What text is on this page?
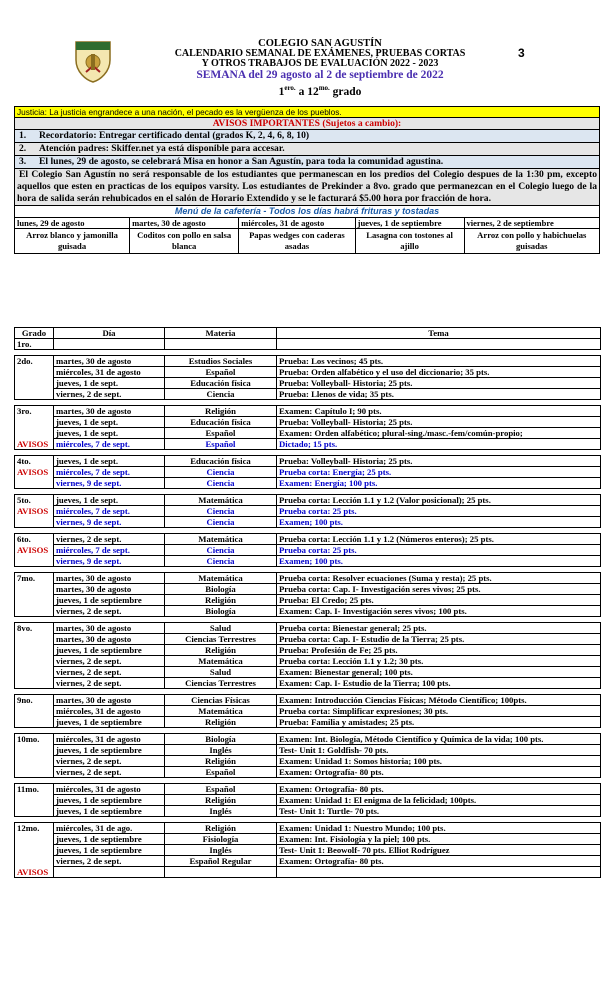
COLEGIO SAN AGUSTÍN
CALENDARIO SEMANAL DE EXÁMENES, PRUEBAS CORTAS
Y OTROS TRABAJOS DE EVALUACIÓN 2022 - 2023
SEMANA del 29 agosto al 2 de septiembre de 2022
$1^{ero.}$ a $12^{mo.}$ grado
3
Justicia: La justicia engrandece a una nación, el pecado es la vergüenza de los pueblos.				
AVISOS IMPORTANTES (Sujetos a cambio):				
1. Recordatorio: Entregar certificado dental (grados K, 2, 4, 6, 8, 10)				
2. Atención padres: Skiffer.net ya está disponible para accesar.				
3. El lunes, 29 de agosto, se celebrará Misa en honor a San Agustín, para toda la comunidad agustina.				
El Colegio San Agustín no será responsable de los estudiantes que permanescan en los predios del Colegio despues de la 1:30 pm, excepto aquellos que esten en practicas de los equipos varsity. Los estudiantes de Prekinder a 8vo. grado que permanezcan en el Colegio luego de la hora de salida serán rehubicados en el salón de Horario Extendido y se le facturará $5.00 hora por fracción de hora.				
Menú de la cafetería - Todos los días habrá frituras y tostadas				
lunes, 29 de agosto	martes, 30 de agosto	miércoles, 31 de agosto	jueves, 1 de septiembre	viernes, 2 de septiembre
Arroz blanco y jamonilla guisada	Coditos con pollo en salsa blanca	Papas wedges con caderas asadas	Lasagna con tostones al ajillo	Arroz con pollo y habichuelas guisadas
Grado	Día	Materia	Tema
1ro.			

2do.	martes, 30 de agosto	Estudios Sociales	Prueba: Los vecinos; 45 pts.
	miércoles, 31 de agosto	Español	Prueba: Orden alfabético y el uso del diccionario; 35 pts.
	jueves, 1 de sept.	Educación física	Prueba: Volleyball- Historia; 25 pts.
	viernes, 2 de sept.	Ciencia	Prueba: Llenos de vida; 35 pts.

3ro.	martes, 30 de agosto	Religión	Examen: Capítulo I; 90 pts.
	jueves, 1 de sept.	Educación física	Prueba: Volleyball- Historia; 25 pts.
	jueves, 1 de sept.	Español	Examen: Orden alfabético; plural-sing./masc.-fem/común-propio;
AVISOS	miércoles, 7 de sept.	Español	Dictado; 15 pts.

4to.	jueves, 1 de sept.	Educación física	Prueba: Volleyball- Historia; 25 pts.
AVISOS	miércoles, 7 de sept.	Ciencia	Prueba corta: Energía; 25 pts.
	viernes, 9 de sept.	Ciencia	Examen: Energía; 100 pts.

5to.	jueves, 1 de sept.	Matemática	Prueba corta: Lección 1.1 y 1.2 (Valor posicional); 25 pts.
AVISOS	miércoles, 7 de sept.	Ciencia	Prueba corta: 25 pts.
	viernes, 9 de sept.	Ciencia	Examen; 100 pts.

6to.	viernes, 2 de sept.	Matemática	Prueba corta: Lección 1.1 y 1.2 (Números enteros); 25 pts.
AVISOS	miércoles, 7 de sept.	Ciencia	Prueba corta: 25 pts.
	viernes, 9 de sept.	Ciencia	Examen; 100 pts.

7mo.	martes, 30 de agosto	Matemática	Prueba corta: Resolver ecuaciones (Suma y resta); 25 pts.
	martes, 30 de agosto	Biología	Prueba corta: Cap. I- Investigación seres vivos; 25 pts.
	jueves, 1 de septiembre	Religión	Prueba: El Credo; 25 pts.
	viernes, 2 de sept.	Biología	Examen: Cap. I- Investigación seres vivos; 100 pts.

8vo.	martes, 30 de agosto	Salud	Prueba corta: Bienestar general; 25 pts.
	martes, 30 de agosto	Ciencias Terrestres	Prueba corta: Cap. I- Estudio de la Tierra; 25 pts.
	jueves, 1 de septiembre	Religión	Prueba: Profesión de Fe; 25 pts.
	viernes, 2 de sept.	Matemática	Prueba corta: Lección 1.1 y 1.2; 30 pts.
	viernes, 2 de sept.	Salud	Examen: Bienestar general; 100 pts.
	viernes, 2 de sept.	Ciencias Terrestres	Examen: Cap. I- Estudio de la Tierra; 100 pts.

9no.	martes, 30 de agosto	Ciencias Físicas	Examen: Introducción Ciencias Físicas; Método Científico; 100pts.
	miércoles, 31 de agosto	Matemática	Prueba corta: Simplificar expresiones; 30 pts.
	jueves, 1 de septiembre	Religión	Prueba: Familia y amistades; 25 pts.

10mo.	miércoles, 31 de agosto	Biología	Examen: Int. Biología, Método Científico y Química de la vida; 100 pts.
	jueves, 1 de septiembre	Inglés	Test- Unit 1: Goldfish- 70 pts.
	viernes, 2 de sept.	Religión	Examen: Unidad 1: Somos historia; 100 pts.
	viernes, 2 de sept.	Español	Examen: Ortografía- 80 pts.

11mo.	miércoles, 31 de agosto	Español	Examen: Ortografía- 80 pts.
	jueves, 1 de septiembre	Religión	Examen: Unidad 1: El enigma de la felicidad; 100pts.
	jueves, 1 de septiembre	Inglés	Test- Unit 1: Turtle- 70 pts.

12mo.	miércoles, 31 de ago.	Religión	Examen: Unidad 1: Nuestro Mundo; 100 pts.
	jueves, 1 de septiembre	Fisiología	Examen: Int. Fisiología y la piel; 100 pts.
	jueves, 1 de septiembre	Inglés	Test- Unit 1: Beowolf- 70 pts. Elliot Rodríguez
	viernes, 2 de sept.	Español Regular	Examen: Ortografía- 80 pts.
AVISOS			
